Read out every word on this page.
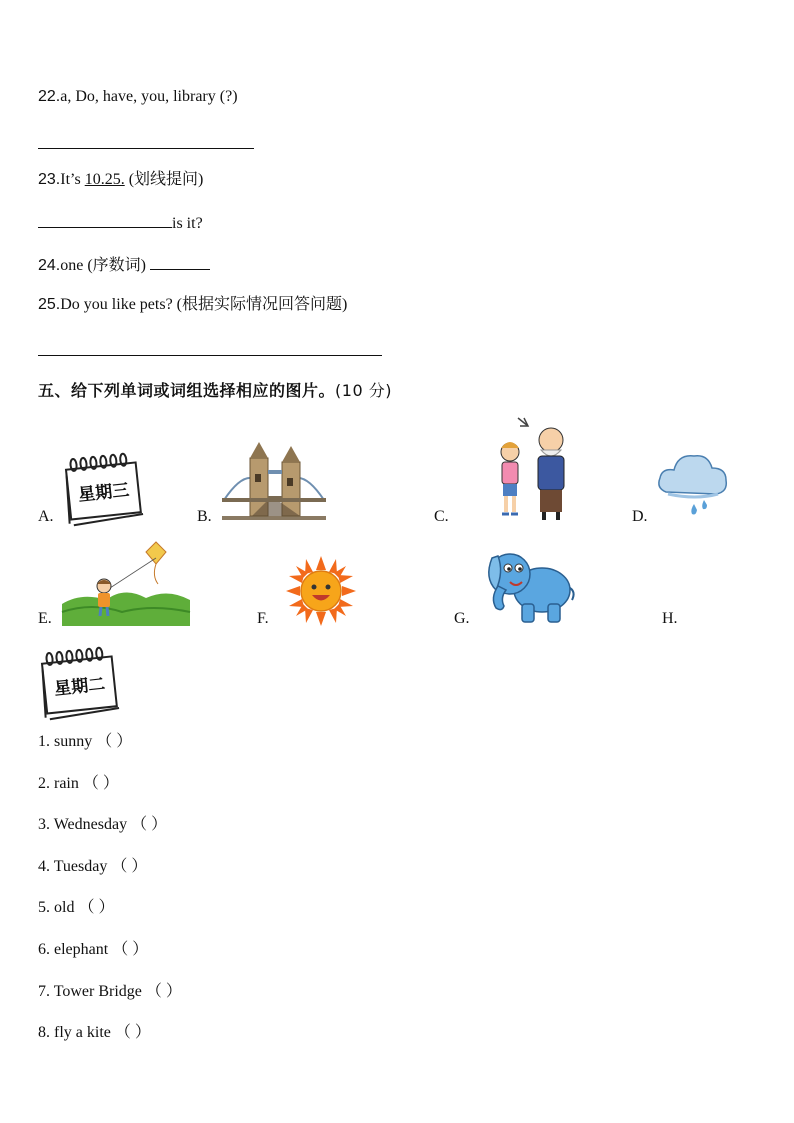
22.a, Do, have, you, library (?)
23.It’s 10.25. (划线提问)
is it?
24.one (序数词)
25.Do you like pets? (根据实际情况回答问题)
五、给下列单词或词组选择相应的图片。(10 分)
A.
星期三
B.	C.	D.
E.	F.	G.	H.
星期二
1. sunny （ ）
2. rain （ ）
3. Wednesday （ ）
4. Tuesday （ ）
5. old （ ）
6. elephant （ ）
7. Tower Bridge （ ）
8. fly a kite （ ）
